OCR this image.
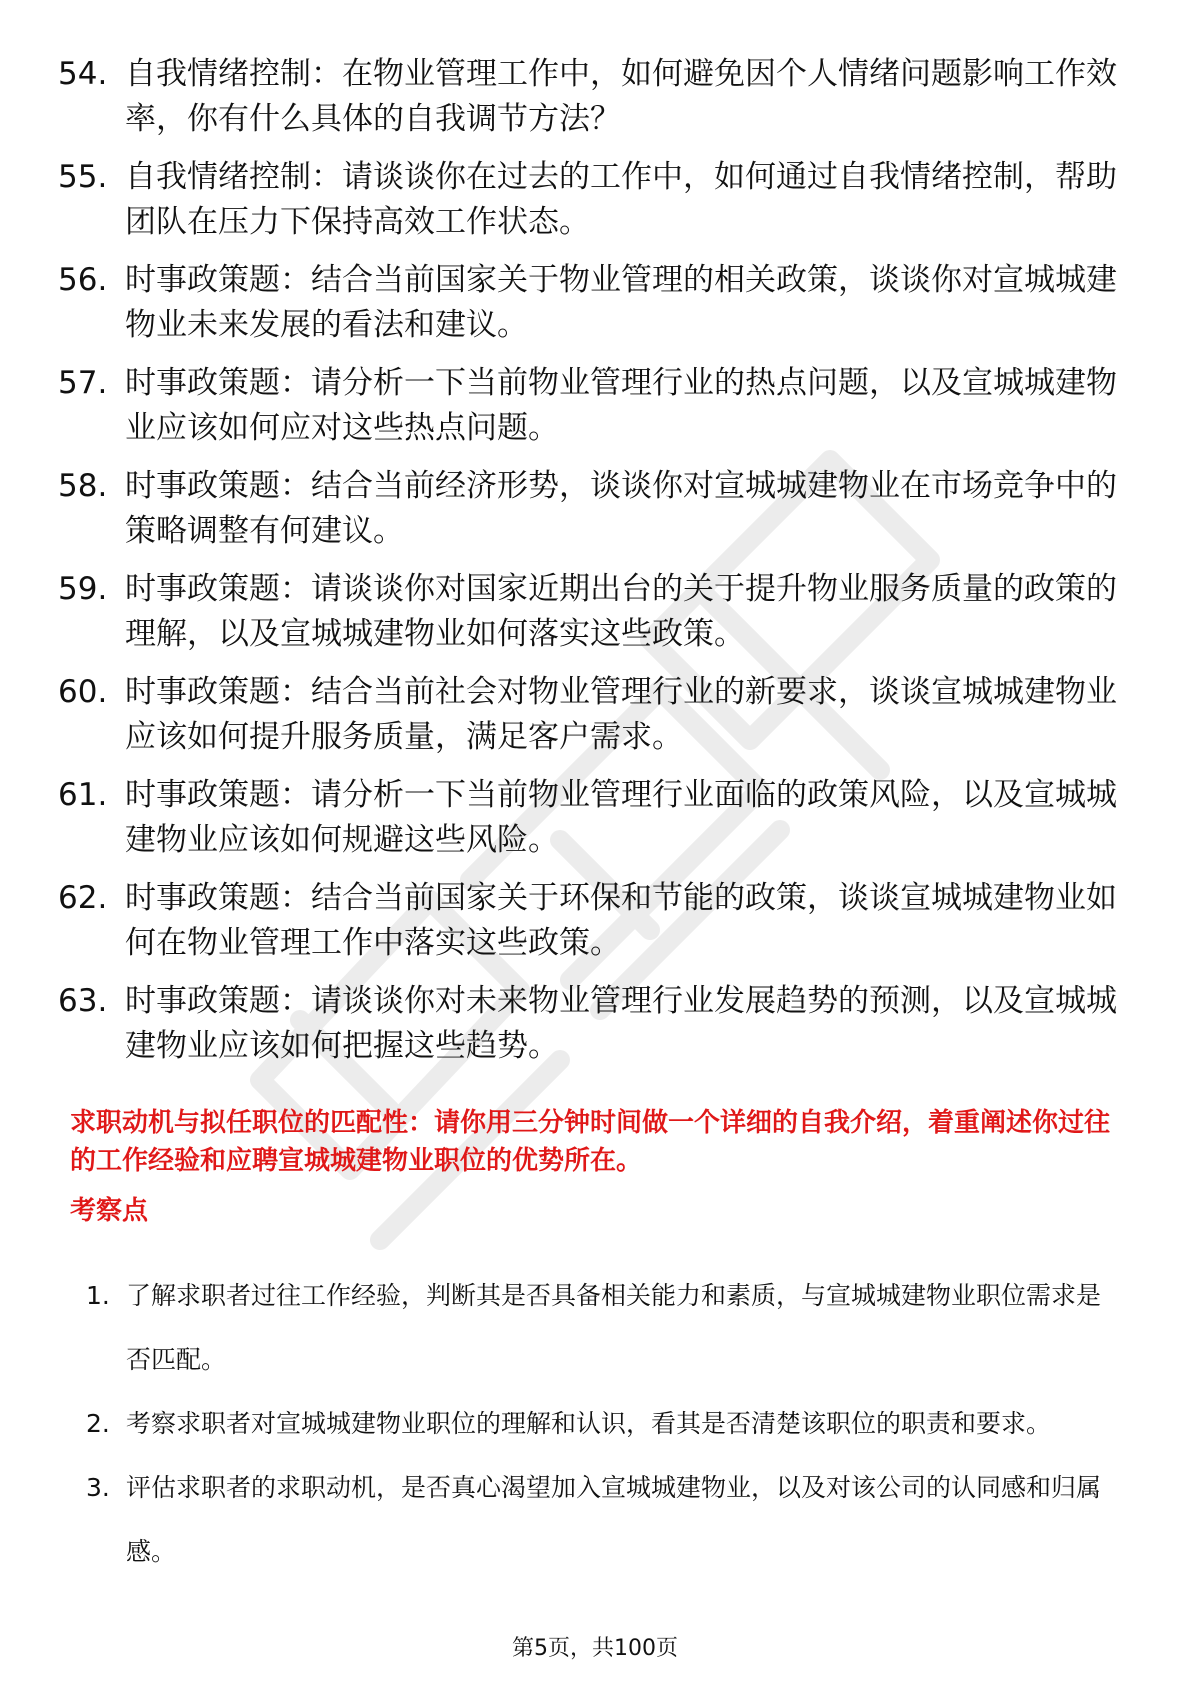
54. 自我情绪控制：在物业管理工作中，如何避免因个人情绪问题影响工作效率，你有什么具体的自我调节方法？
55. 自我情绪控制：请谈谈你在过去的工作中，如何通过自我情绪控制，帮助团队在压力下保持高效工作状态。
56. 时事政策题：结合当前国家关于物业管理的相关政策，谈谈你对宣城城建物业未来发展的看法和建议。
57. 时事政策题：请分析一下当前物业管理行业的热点问题，以及宣城城建物业应该如何应对这些热点问题。
58. 时事政策题：结合当前经济形势，谈谈你对宣城城建物业在市场竞争中的策略调整有何建议。
59. 时事政策题：请谈谈你对国家近期出台的关于提升物业服务质量的政策的理解，以及宣城城建物业如何落实这些政策。
60. 时事政策题：结合当前社会对物业管理行业的新要求，谈谈宣城城建物业应该如何提升服务质量，满足客户需求。
61. 时事政策题：请分析一下当前物业管理行业面临的政策风险，以及宣城城建物业应该如何规避这些风险。
62. 时事政策题：结合当前国家关于环保和节能的政策，谈谈宣城城建物业如何在物业管理工作中落实这些政策。
63. 时事政策题：请谈谈你对未来物业管理行业发展趋势的预测，以及宣城城建物业应该如何把握这些趋势。

求职动机与拟任职位的匹配性：请你用三分钟时间做一个详细的自我介绍，着重阐述你过往的工作经验和应聘宣城城建物业职位的优势所在。

考察点
1. 了解求职者过往工作经验，判断其是否具备相关能力和素质，与宣城城建物业职位需求是否匹配。
2. 考察求职者对宣城城建物业职位的理解和认识，看其是否清楚该职位的职责和要求。
3. 评估求职者的求职动机，是否真心渴望加入宣城城建物业，以及对该公司的认同感和归属感。
第5页，共100页
